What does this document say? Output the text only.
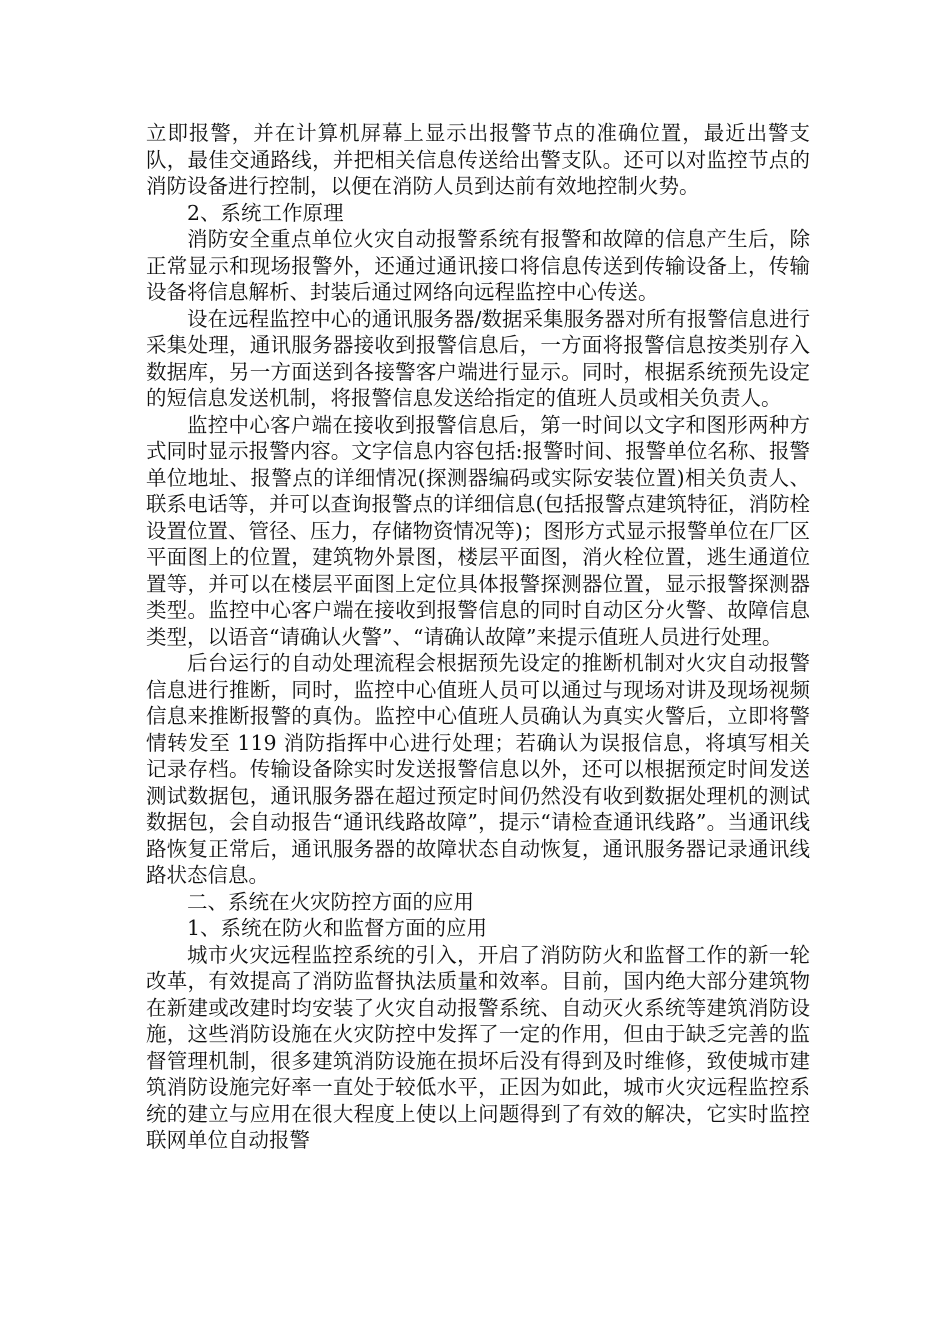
立即报警，并在计算机屏幕上显示出报警节点的准确位置，最近出警支队，最佳交通路线，并把相关信息传送给出警支队。还可以对监控节点的消防设备进行控制，以便在消防人员到达前有效地控制火势。

2、系统工作原理

消防安全重点单位火灾自动报警系统有报警和故障的信息产生后，除正常显示和现场报警外，还通过通讯接口将信息传送到传输设备上，传输设备将信息解析、封装后通过网络向远程监控中心传送。

设在远程监控中心的通讯服务器/数据采集服务器对所有报警信息进行采集处理，通讯服务器接收到报警信息后，一方面将报警信息按类别存入数据库，另一方面送到各接警客户端进行显示。同时，根据系统预先设定的短信息发送机制，将报警信息发送给指定的值班人员或相关负责人。

监控中心客户端在接收到报警信息后，第一时间以文字和图形两种方式同时显示报警内容。文字信息内容包括:报警时间、报警单位名称、报警单位地址、报警点的详细情况(探测器编码或实际安装位置)相关负责人、联系电话等，并可以查询报警点的详细信息(包括报警点建筑特征，消防栓设置位置、管径、压力，存储物资情况等)；图形方式显示报警单位在厂区平面图上的位置，建筑物外景图，楼层平面图，消火栓位置，逃生通道位置等，并可以在楼层平面图上定位具体报警探测器位置，显示报警探测器类型。监控中心客户端在接收到报警信息的同时自动区分火警、故障信息类型，以语音“请确认火警”、“请确认故障”来提示值班人员进行处理。

后台运行的自动处理流程会根据预先设定的推断机制对火灾自动报警信息进行推断，同时，监控中心值班人员可以通过与现场对讲及现场视频信息来推断报警的真伪。监控中心值班人员确认为真实火警后，立即将警情转发至 119 消防指挥中心进行处理；若确认为误报信息，将填写相关记录存档。传输设备除实时发送报警信息以外，还可以根据预定时间发送测试数据包，通讯服务器在超过预定时间仍然没有收到数据处理机的测试数据包，会自动报告“通讯线路故障”，提示“请检查通讯线路”。当通讯线路恢复正常后，通讯服务器的故障状态自动恢复，通讯服务器记录通讯线路状态信息。

二、系统在火灾防控方面的应用

1、系统在防火和监督方面的应用

城市火灾远程监控系统的引入，开启了消防防火和监督工作的新一轮改革，有效提高了消防监督执法质量和效率。目前，国内绝大部分建筑物在新建或改建时均安装了火灾自动报警系统、自动灭火系统等建筑消防设施，这些消防设施在火灾防控中发挥了一定的作用，但由于缺乏完善的监督管理机制，很多建筑消防设施在损坏后没有得到及时维修，致使城市建筑消防设施完好率一直处于较低水平，正因为如此，城市火灾远程监控系统的建立与应用在很大程度上使以上问题得到了有效的解决，它实时监控联网单位自动报警
